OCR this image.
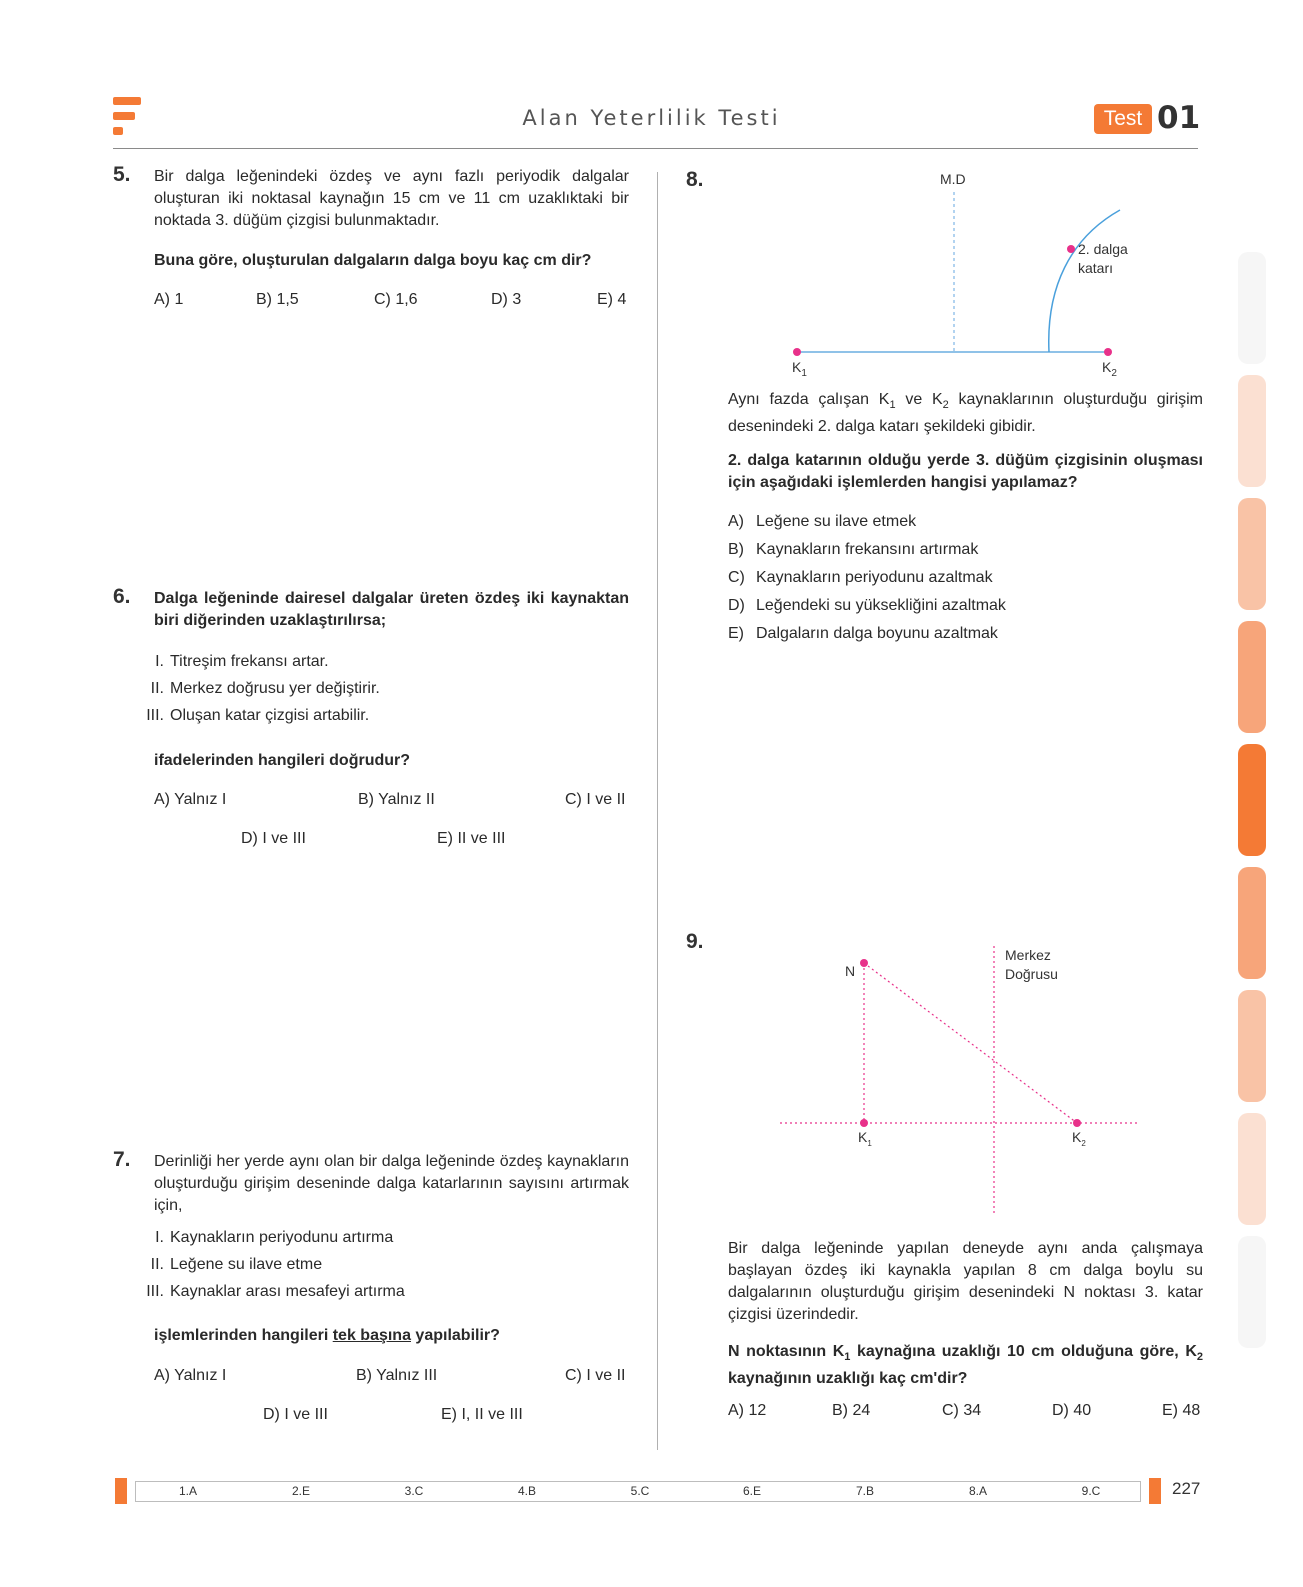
Alan Yeterlilik Testi	Test 01
5. Bir dalga leğenindeki özdeş ve aynı fazlı periyodik dalgalar oluşturan iki noktasal kaynağın 15 cm ve 11 cm uzaklıktaki bir noktada 3. düğüm çizgisi bulunmaktadır.
Buna göre, oluşturulan dalgaların dalga boyu kaç cm dir?
A) 1	B) 1,5	C) 1,6	D) 3	E) 4
6. Dalga leğeninde dairesel dalgalar üreten özdeş iki kaynaktan biri diğerinden uzaklaştırılırsa;
I. Titreşim frekansı artar.
II. Merkez doğrusu yer değiştirir.
III. Oluşan katar çizgisi artabilir.
ifadelerinden hangileri doğrudur?
A) Yalnız I	B) Yalnız II	C) I ve II
D) I ve III	E) II ve III
7. Derinliği her yerde aynı olan bir dalga leğeninde özdeş kaynakların oluşturduğu girişim deseninde dalga katarlarının sayısını artırmak için,
I. Kaynakların periyodunu artırma
II. Leğene su ilave etme
III. Kaynaklar arası mesafeyi artırma
işlemlerinden hangileri tek başına yapılabilir?
A) Yalnız I	B) Yalnız III	C) I ve II
D) I ve III	E) I, II ve III
8.	M.D
2. dalga
katarı
$K_1$	$K_2$
Aynı fazda çalışan $K_1$ ve $K_2$ kaynaklarının oluşturduğu girişim desenindeki 2. dalga katarı şekildeki gibidir.
2. dalga katarının olduğu yerde 3. düğüm çizgisinin oluşması için aşağıdaki işlemlerden hangisi yapılamaz?
A) Leğene su ilave etmek
B) Kaynakların frekansını artırmak
C) Kaynakların periyodunu azaltmak
D) Leğendeki su yüksekliğini azaltmak
E) Dalgaların dalga boyunu azaltmak
9.
N
Merkez
Doğrusu
$K_1$	$K_2$
Bir dalga leğeninde yapılan deneyde aynı anda çalışmaya başlayan özdeş iki kaynakla yapılan 8 cm dalga boylu su dalgalarının oluşturduğu girişim desenindeki N noktası 3. katar çizgisi üzerindedir.
N noktasının $K_1$ kaynağına uzaklığı 10 cm olduğuna göre, $K_2$ kaynağının uzaklığı kaç cm'dir?
A) 12	B) 24	C) 34	D) 40	E) 48
1.A	2.E	3.C	4.B	5.C	6.E	7.B	8.A	9.C	227
